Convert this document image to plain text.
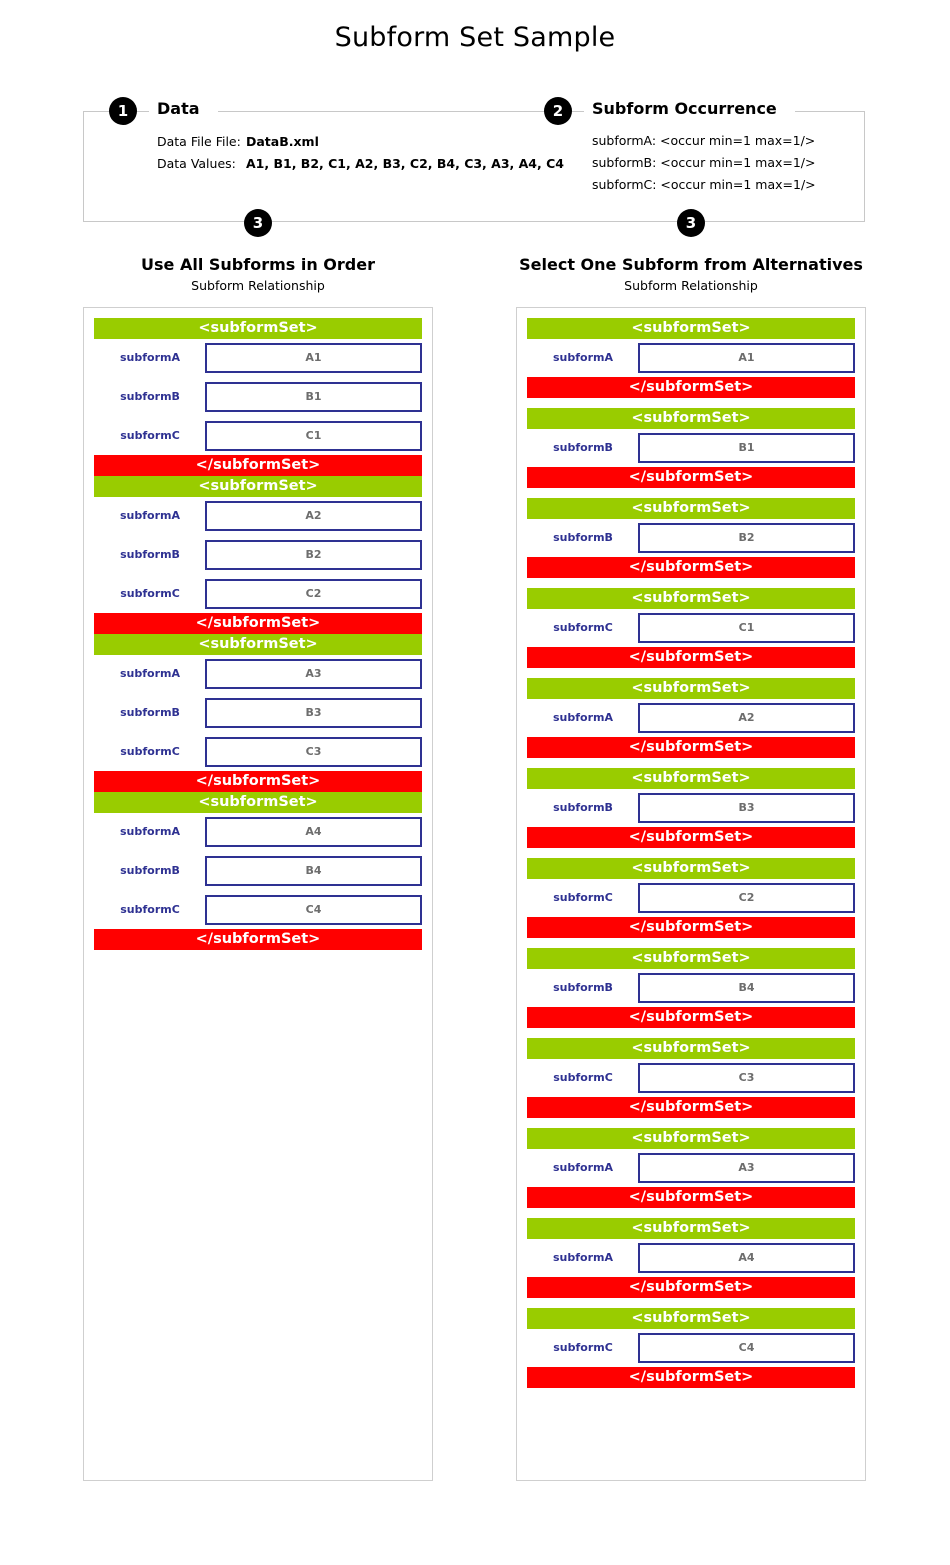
Subform Set Sample
1	Data
Data File File: DataB.xml
Data Values: A1, B1, B2, C1, A2, B3, C2, B4, C3, A3, A4, C4
2	Subform Occurrence
subformA: <occur min=1 max=1/>
subformB: <occur min=1 max=1/>
subformC: <occur min=1 max=1/>
3	3
Use All Subforms in Order
Subform Relationship
Select One Subform from Alternatives
Subform Relationship
<subformSet>
subformA	A1
subformB	B1
subformC	C1
</subformSet>
<subformSet>
subformA	A2
subformB	B2
subformC	C2
</subformSet>
<subformSet>
subformA	A3
subformB	B3
subformC	C3
</subformSet>
<subformSet>
subformA	A4
subformB	B4
subformC	C4
</subformSet>
<subformSet>
subformA	A1
</subformSet>
<subformSet>
subformB	B1
</subformSet>
<subformSet>
subformB	B2
</subformSet>
<subformSet>
subformC	C1
</subformSet>
<subformSet>
subformA	A2
</subformSet>
<subformSet>
subformB	B3
</subformSet>
<subformSet>
subformC	C2
</subformSet>
<subformSet>
subformB	B4
</subformSet>
<subformSet>
subformC	C3
</subformSet>
<subformSet>
subformA	A3
</subformSet>
<subformSet>
subformA	A4
</subformSet>
<subformSet>
subformC	C4
</subformSet>
